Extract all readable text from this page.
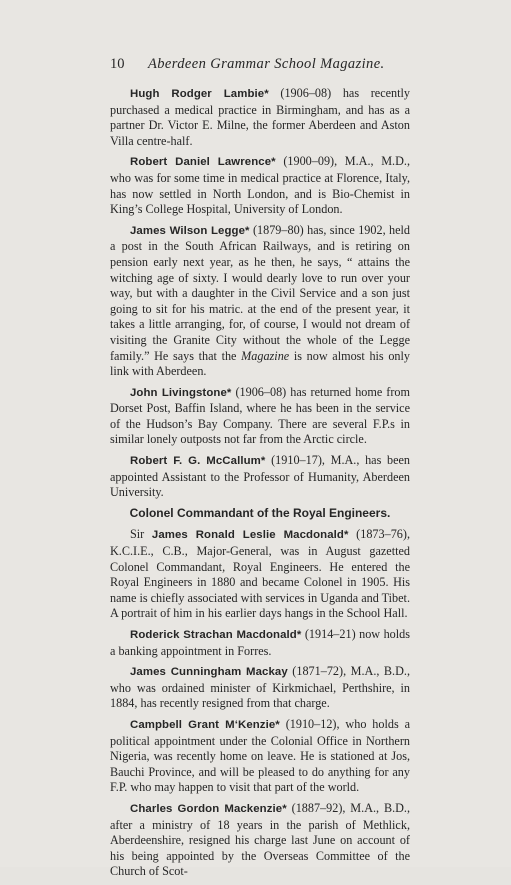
10 Aberdeen Grammar School Magazine.

Hugh Rodger Lambie* (1906–08) has recently purchased a medical practice in Birmingham, and has as a partner Dr. Victor E. Milne, the former Aberdeen and Aston Villa centre-half.

Robert Daniel Lawrence* (1900–09), M.A., M.D., who was for some time in medical practice at Florence, Italy, has now settled in North London, and is Bio-Chemist in King’s College Hospital, University of London.

James Wilson Legge* (1879–80) has, since 1902, held a post in the South African Railways, and is retiring on pension early next year, as he then, he says, “ attains the witching age of sixty. I would dearly love to run over your way, but with a daughter in the Civil Service and a son just going to sit for his matric. at the end of the present year, it takes a little arranging, for, of course, I would not dream of visiting the Granite City without the whole of the Legge family.” He says that the Magazine is now almost his only link with Aberdeen.

John Livingstone* (1906–08) has returned home from Dorset Post, Baffin Island, where he has been in the service of the Hudson’s Bay Company. There are several F.P.s in similar lonely outposts not far from the Arctic circle.

Robert F. G. McCallum* (1910–17), M.A., has been appointed Assistant to the Professor of Humanity, Aberdeen University.

Colonel Commandant of the Royal Engineers.

Sir James Ronald Leslie Macdonald* (1873–76), K.C.I.E., C.B., Major-General, was in August gazetted Colonel Commandant, Royal Engineers. He entered the Royal Engineers in 1880 and became Colonel in 1905. His name is chiefly associated with services in Uganda and Tibet. A portrait of him in his earlier days hangs in the School Hall.

Roderick Strachan Macdonald* (1914–21) now holds a banking appointment in Forres.

James Cunningham Mackay (1871–72), M.A., B.D., who was ordained minister of Kirkmichael, Perthshire, in 1884, has recently resigned from that charge.

Campbell Grant M‘Kenzie* (1910–12), who holds a political appointment under the Colonial Office in Northern Nigeria, was recently home on leave. He is stationed at Jos, Bauchi Province, and will be pleased to do anything for any F.P. who may happen to visit that part of the world.

Charles Gordon Mackenzie* (1887–92), M.A., B.D., after a ministry of 18 years in the parish of Methlick, Aberdeenshire, resigned his charge last June on account of his being appointed by the Overseas Committee of the Church of Scot-
